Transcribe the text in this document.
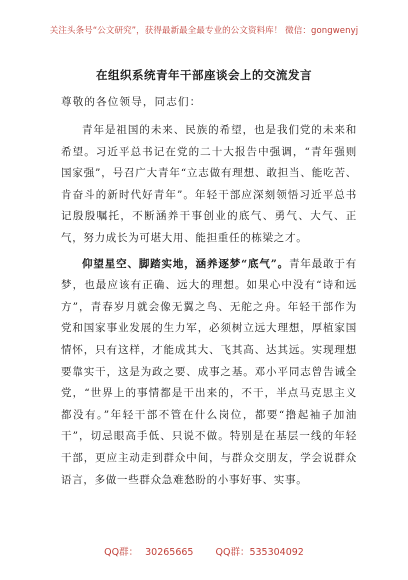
关注头条号“公文研究”，获得最新最全最专业的公文资料库！ 微信：gongwenyj
在组织系统青年干部座谈会上的交流发言
尊敬的各位领导，同志们：

青年是祖国的未来、民族的希望，也是我们党的未来和希望。习近平总书记在党的二十大报告中强调，“青年强则国家强”，号召广大青年“立志做有理想、敢担当、能吃苦、肯奋斗的新时代好青年”。年轻干部应深刻领悟习近平总书记殷殷嘱托，不断涵养干事创业的底气、勇气、大气、正气，努力成长为可堪大用、能担重任的栋梁之才。

仰望星空、脚踏实地，涵养逐梦“底气”。青年最敢于有梦，也最应该有正确、远大的理想。如果心中没有“诗和远方”，青春岁月就会像无翼之鸟、无舵之舟。年轻干部作为党和国家事业发展的生力军，必须树立远大理想，厚植家国情怀，只有这样，才能成其大、飞其高、达其远。实现理想要靠实干，这是为政之要、成事之基。邓小平同志曾告诫全党，“世界上的事情都是干出来的，不干，半点马克思主义都没有。”年轻干部不管在什么岗位，都要“撸起袖子加油干”，切忌眼高手低、只说不做。特别是在基层一线的年轻干部，更应主动走到群众中间，与群众交朋友，学会说群众语言，多做一些群众急难愁盼的小事好事、实事。

QQ群： 30265665 QQ群：535304092
